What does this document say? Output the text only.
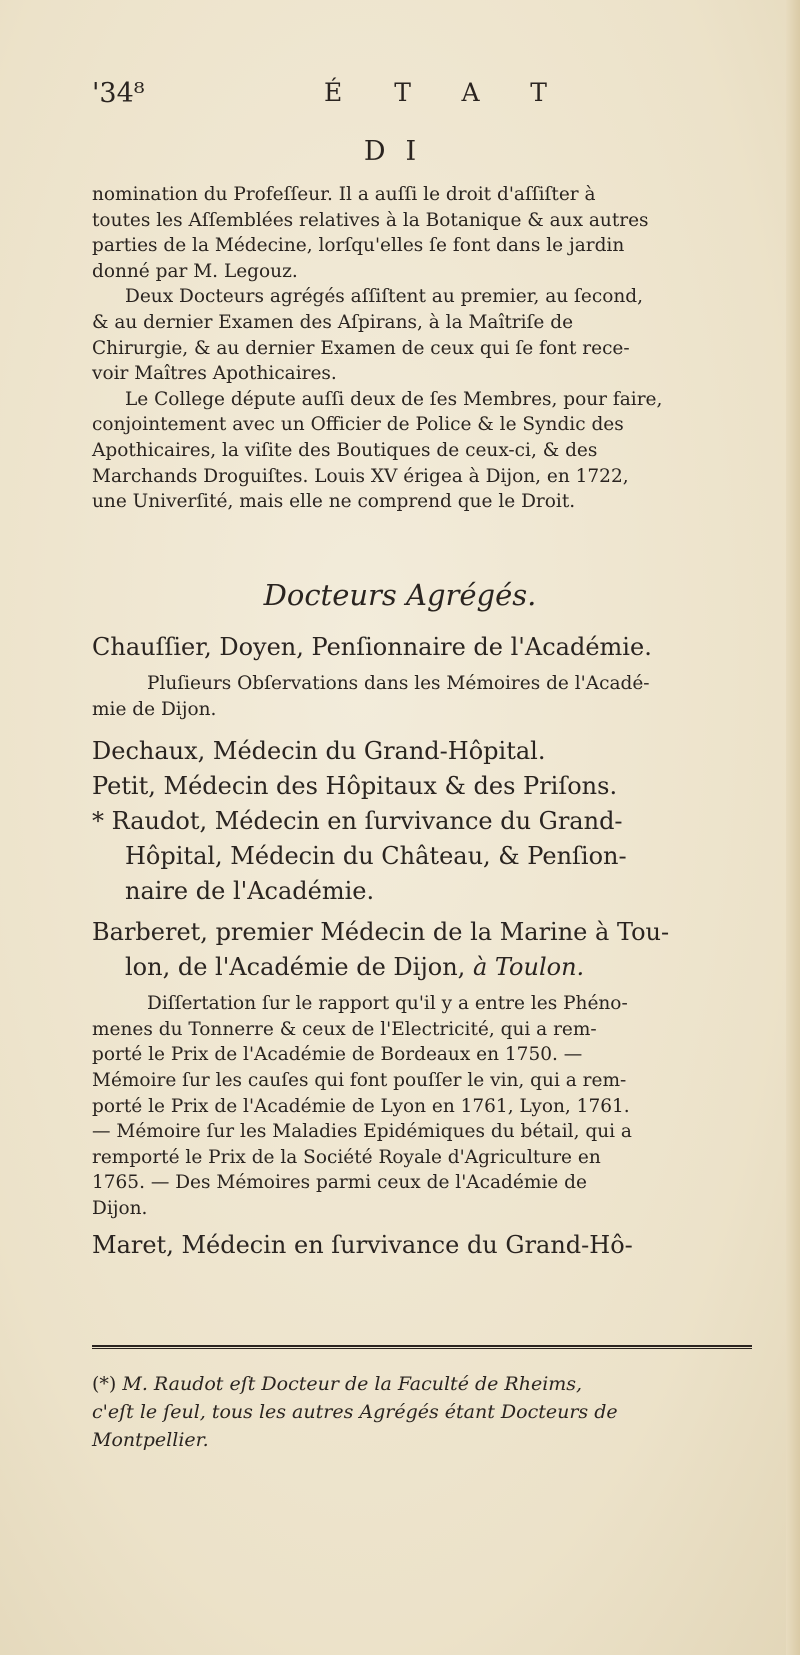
'34⁸	ÉTAT
DI
nomination du Profeſſeur. Il a auſſi le droit d'aſſiſter à
toutes les Aſſemblées relatives à la Botanique & aux autres
parties de la Médecine, lorſqu'elles ſe font dans le jardin
donné par M. Legouz.
Deux Docteurs agrégés aſſiſtent au premier, au ſecond,
& au dernier Examen des Aſpirans, à la Maîtriſe de
Chirurgie, & au dernier Examen de ceux qui ſe font rece-
voir Maîtres Apothicaires.
Le College députe auſſi deux de ſes Membres, pour faire,
conjointement avec un Officier de Police & le Syndic des
Apothicaires, la viſite des Boutiques de ceux-ci, & des
Marchands Droguiſtes. Louis XV érigea à Dijon, en 1722,
une Univerſité, mais elle ne comprend que le Droit.
Docteurs Agrégés.
Chauſſier, Doyen, Penſionnaire de l'Académie.
Pluſieurs Obſervations dans les Mémoires de l'Acadé-
mie de Dijon.
Dechaux, Médecin du Grand-Hôpital.
Petit, Médecin des Hôpitaux & des Priſons.
* Raudot, Médecin en ſurvivance du Grand-
Hôpital, Médecin du Château, & Penſion-
naire de l'Académie.
Barberet, premier Médecin de la Marine à Tou-
lon, de l'Académie de Dijon, à Toulon.
Diſſertation ſur le rapport qu'il y a entre les Phéno-
menes du Tonnerre & ceux de l'Electricité, qui a rem-
porté le Prix de l'Académie de Bordeaux en 1750. —
Mémoire ſur les cauſes qui font pouſſer le vin, qui a rem-
porté le Prix de l'Académie de Lyon en 1761, Lyon, 1761.
— Mémoire ſur les Maladies Epidémiques du bétail, qui a
remporté le Prix de la Société Royale d'Agriculture en
1765. — Des Mémoires parmi ceux de l'Académie de
Dijon.
Maret, Médecin en ſurvivance du Grand-Hô-
(*) M. Raudot eſt Docteur de la Faculté de Rheims,
c'eſt le ſeul, tous les autres Agrégés étant Docteurs de
Montpellier.
